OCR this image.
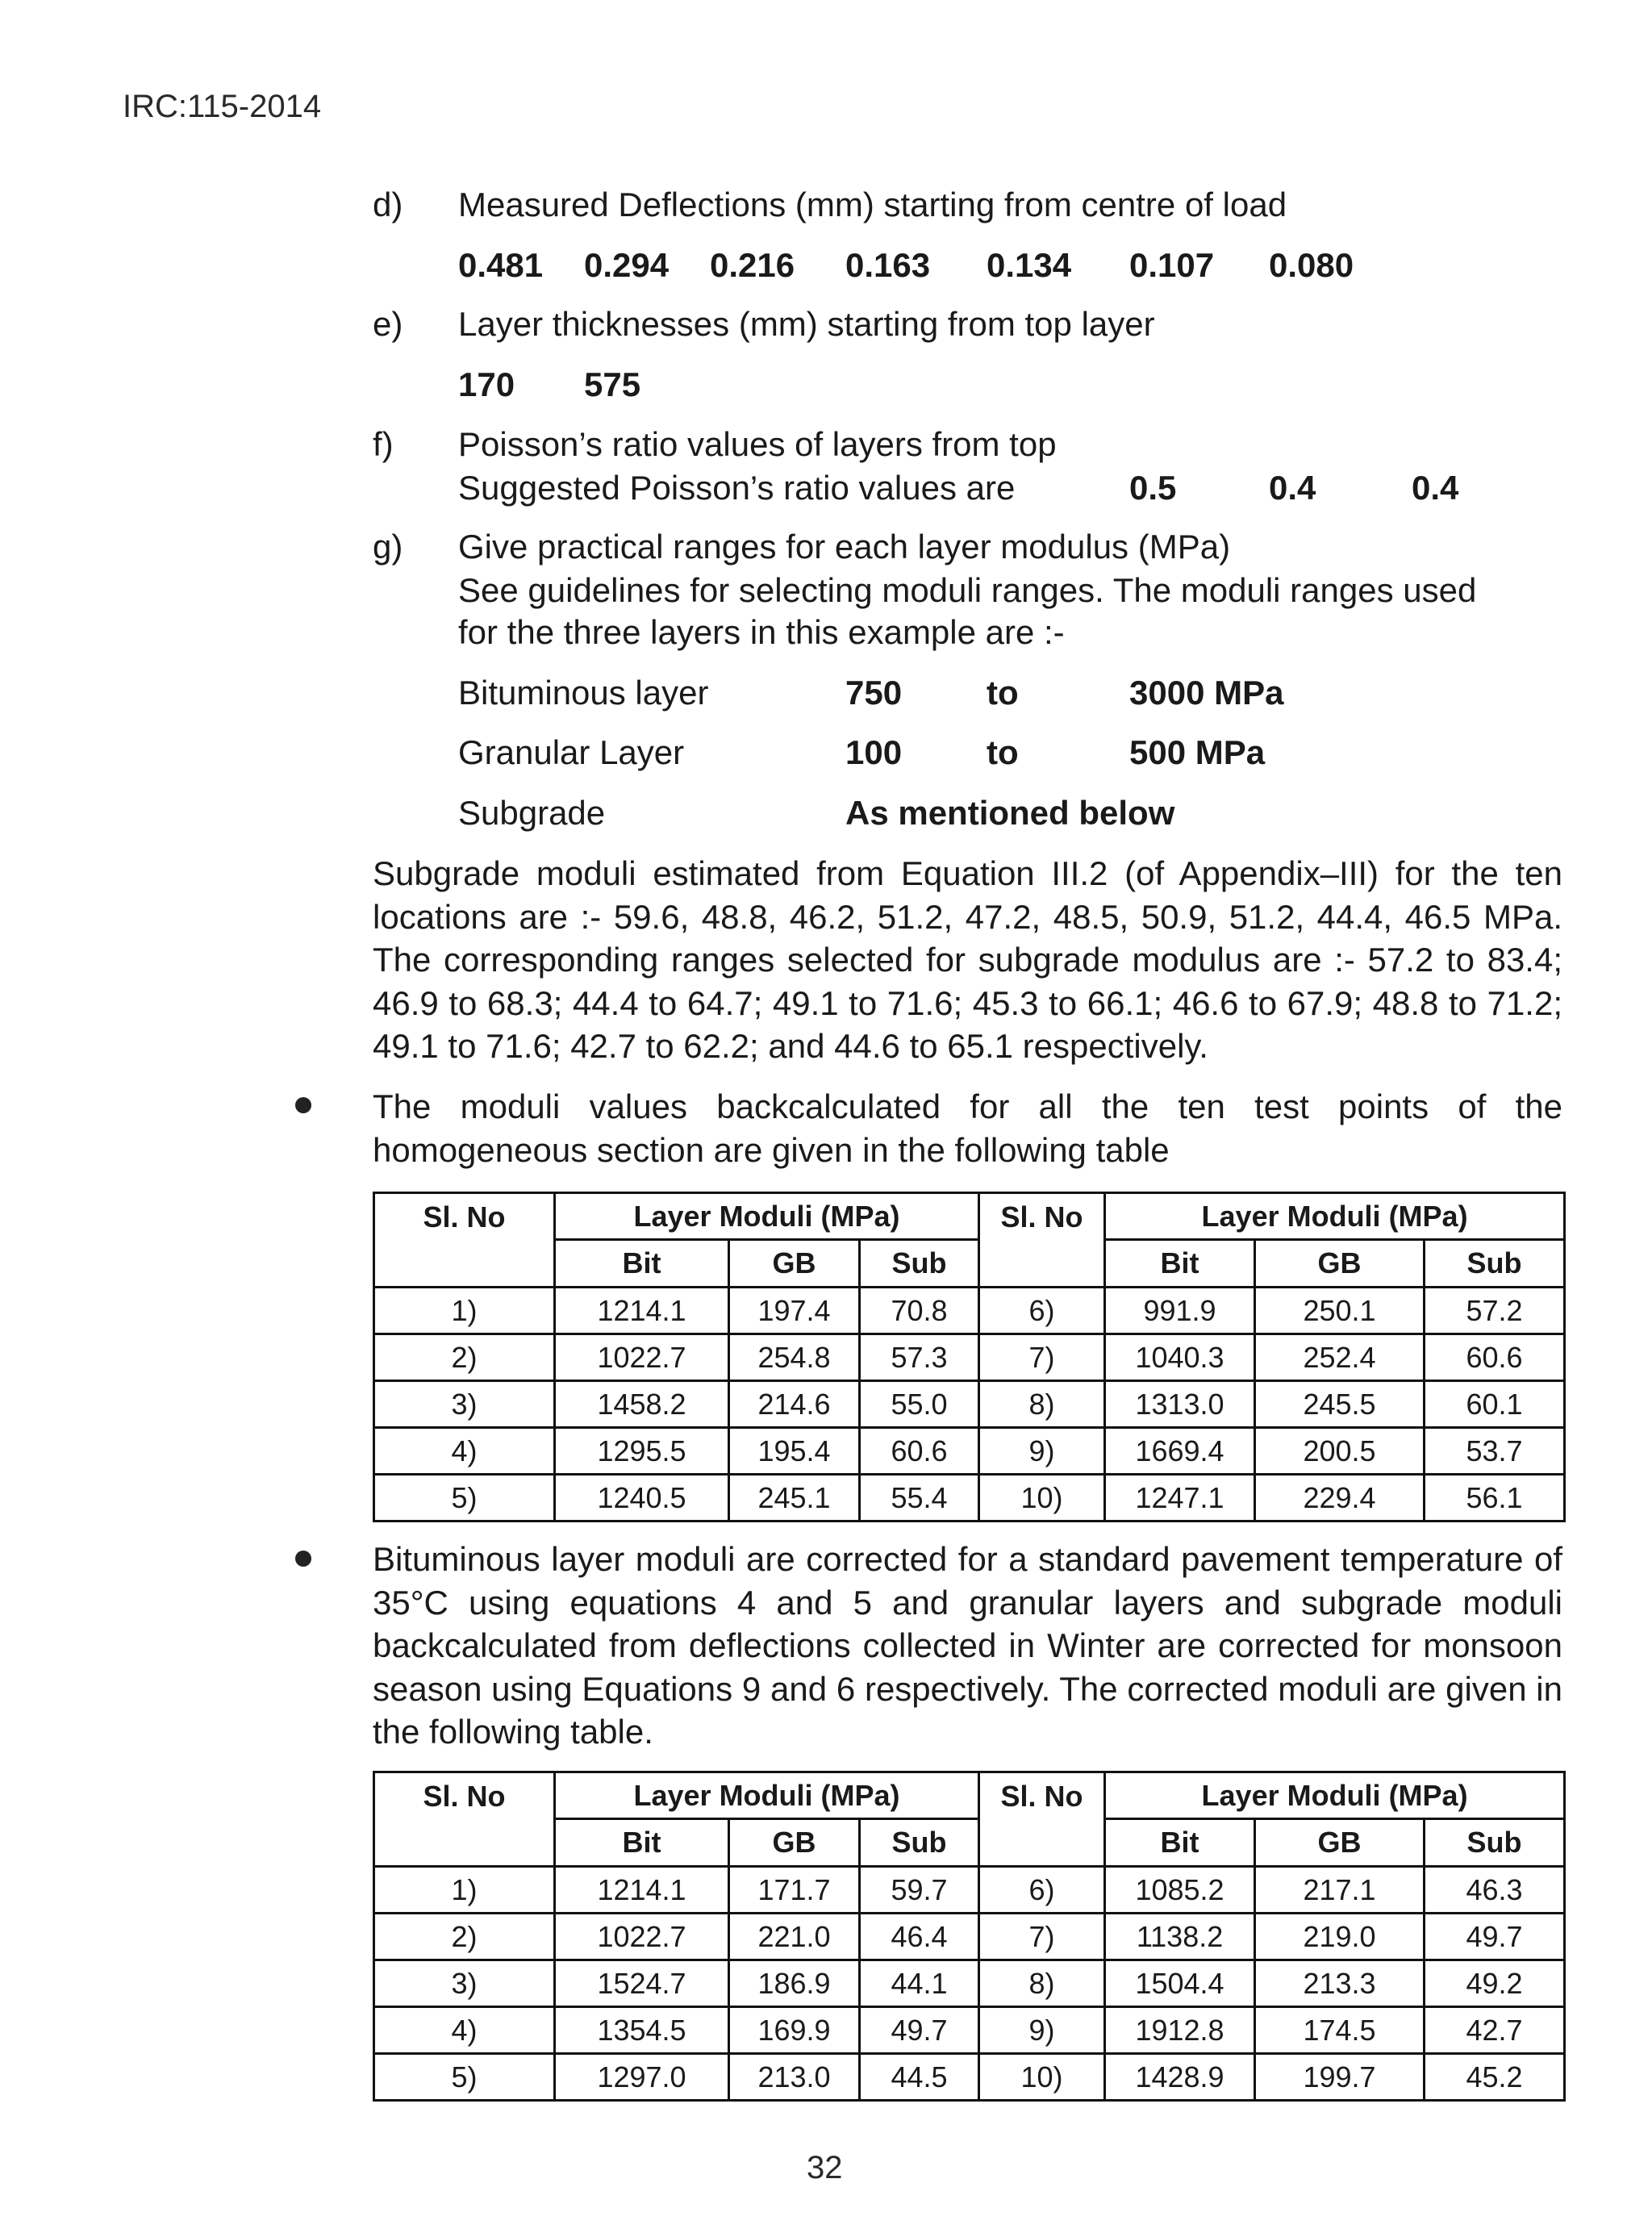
IRC:115-2014
d) Measured Deflections (mm) starting from centre of load
0.481 0.294 0.216 0.163 0.134 0.107 0.080
e) Layer thicknesses (mm) starting from top layer
170 575
f) Poisson’s ratio values of layers from top
Suggested Poisson’s ratio values are	0.5	0.4	0.4
g) Give practical ranges for each layer modulus (MPa)
See guidelines for selecting moduli ranges. The moduli ranges used
for the three layers in this example are :-
Bituminous layer	750 to	3000 MPa
Granular Layer	100 to	500 MPa
Subgrade	As mentioned below
Subgrade moduli estimated from Equation III.2 (of Appendix–III) for the ten locations are :- 59.6, 48.8, 46.2, 51.2, 47.2, 48.5, 50.9, 51.2, 44.4, 46.5 MPa. The corresponding ranges selected for subgrade modulus are :- 57.2 to 83.4; 46.9 to 68.3; 44.4 to 64.7; 49.1 to 71.6; 45.3 to 66.1; 46.6 to 67.9; 48.8 to 71.2; 49.1 to 71.6; 42.7 to 62.2; and 44.6 to 65.1 respectively.
The moduli values backcalculated for all the ten test points of the homogeneous section are given in the following table
Sl. No	Layer Moduli (MPa)			Sl. No	Layer Moduli (MPa)		
	Bit	GB	Sub		Bit	GB	Sub
1)	1214.1	197.4	70.8	6)	991.9	250.1	57.2
2)	1022.7	254.8	57.3	7)	1040.3	252.4	60.6
3)	1458.2	214.6	55.0	8)	1313.0	245.5	60.1
4)	1295.5	195.4	60.6	9)	1669.4	200.5	53.7
5)	1240.5	245.1	55.4	10)	1247.1	229.4	56.1
Bituminous layer moduli are corrected for a standard pavement temperature of 35°C using equations 4 and 5 and granular layers and subgrade moduli backcalculated from deflections collected in Winter are corrected for monsoon season using Equations 9 and 6 respectively. The corrected moduli are given in the following table.
Sl. No	Layer Moduli (MPa)			Sl. No	Layer Moduli (MPa)		
	Bit	GB	Sub		Bit	GB	Sub
1)	1214.1	171.7	59.7	6)	1085.2	217.1	46.3
2)	1022.7	221.0	46.4	7)	1138.2	219.0	49.7
3)	1524.7	186.9	44.1	8)	1504.4	213.3	49.2
4)	1354.5	169.9	49.7	9)	1912.8	174.5	42.7
5)	1297.0	213.0	44.5	10)	1428.9	199.7	45.2
32
